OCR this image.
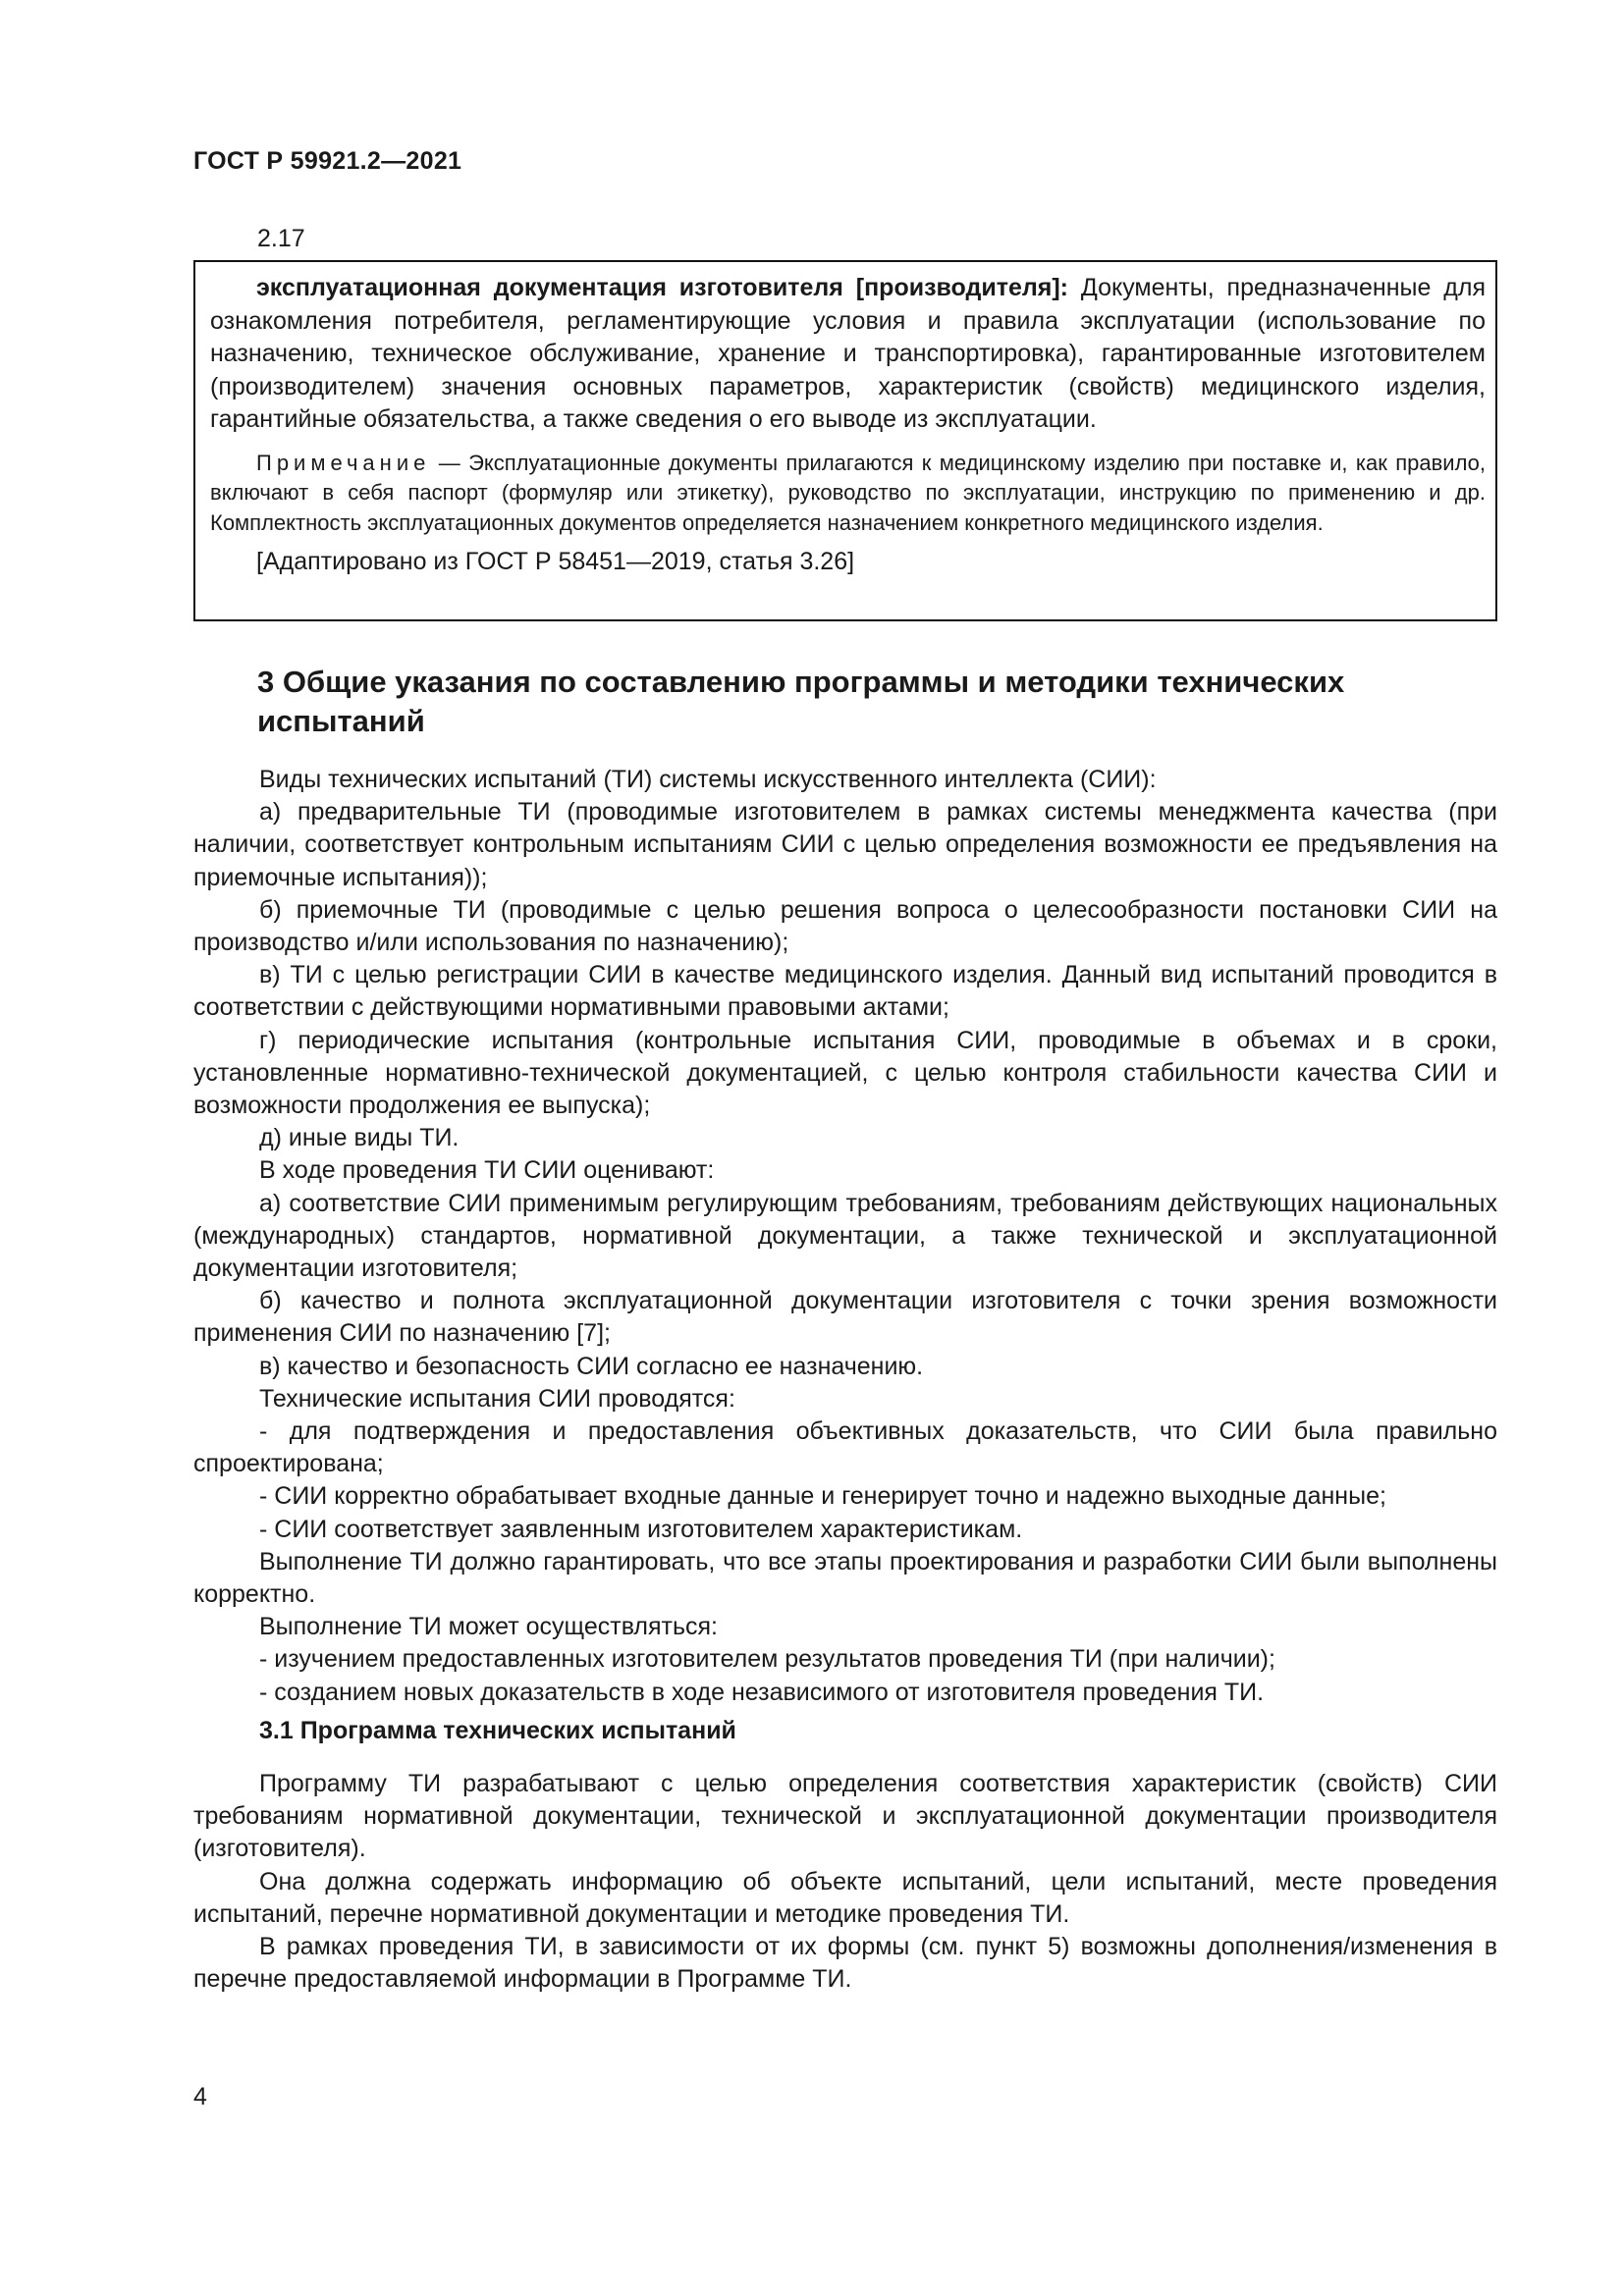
ГОСТ Р 59921.2—2021
2.17

эксплуатационная документация изготовителя [производителя]: Документы, предназначенные для ознакомления потребителя, регламентирующие условия и правила эксплуатации (использование по назначению, техническое обслуживание, хранение и транспортировка), гарантированные изготовителем (производителем) значения основных параметров, характеристик (свойств) медицинского изделия, гарантийные обязательства, а также сведения о его выводе из эксплуатации.

Примечание — Эксплуатационные документы прилагаются к медицинскому изделию при поставке и, как правило, включают в себя паспорт (формуляр или этикетку), руководство по эксплуатации, инструкцию по применению и др. Комплектность эксплуатационных документов определяется назначением конкретного медицинского изделия.

[Адаптировано из ГОСТ Р 58451—2019, статья 3.26]

3 Общие указания по составлению программы и методики технических испытаний

Виды технических испытаний (ТИ) системы искусственного интеллекта (СИИ):

а) предварительные ТИ (проводимые изготовителем в рамках системы менеджмента качества (при наличии, соответствует контрольным испытаниям СИИ с целью определения возможности ее предъявления на приемочные испытания));

б) приемочные ТИ (проводимые с целью решения вопроса о целесообразности постановки СИИ на производство и/или использования по назначению);

в) ТИ с целью регистрации СИИ в качестве медицинского изделия. Данный вид испытаний проводится в соответствии с действующими нормативными правовыми актами;

г) периодические испытания (контрольные испытания СИИ, проводимые в объемах и в сроки, установленные нормативно-технической документацией, с целью контроля стабильности качества СИИ и возможности продолжения ее выпуска);

д) иные виды ТИ.

В ходе проведения ТИ СИИ оценивают:

а) соответствие СИИ применимым регулирующим требованиям, требованиям действующих национальных (международных) стандартов, нормативной документации, а также технической и эксплуатационной документации изготовителя;

б) качество и полнота эксплуатационной документации изготовителя с точки зрения возможности применения СИИ по назначению [7];

в) качество и безопасность СИИ согласно ее назначению.

Технические испытания СИИ проводятся:

- для подтверждения и предоставления объективных доказательств, что СИИ была правильно спроектирована;

- СИИ корректно обрабатывает входные данные и генерирует точно и надежно выходные данные;

- СИИ соответствует заявленным изготовителем характеристикам.

Выполнение ТИ должно гарантировать, что все этапы проектирования и разработки СИИ были выполнены корректно.

Выполнение ТИ может осуществляться:

- изучением предоставленных изготовителем результатов проведения ТИ (при наличии);

- созданием новых доказательств в ходе независимого от изготовителя проведения ТИ.

3.1 Программа технических испытаний

Программу ТИ разрабатывают с целью определения соответствия характеристик (свойств) СИИ требованиям нормативной документации, технической и эксплуатационной документации производителя (изготовителя).

Она должна содержать информацию об объекте испытаний, цели испытаний, месте проведения испытаний, перечне нормативной документации и методике проведения ТИ.

В рамках проведения ТИ, в зависимости от их формы (см. пункт 5) возможны дополнения/изменения в перечне предоставляемой информации в Программе ТИ.

4
